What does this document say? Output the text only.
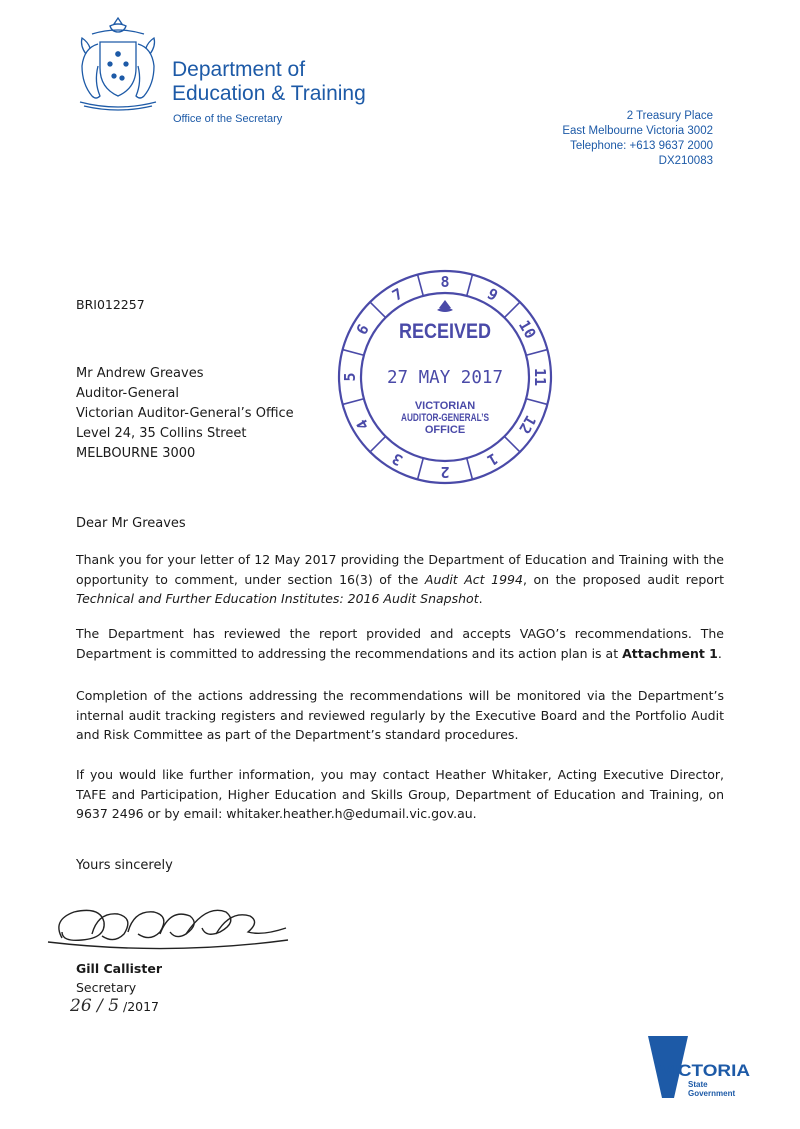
Department of
Education & Training
Office of the Secretary	2 Treasury Place
East Melbourne Victoria 3002
Telephone: +613 9637 2000
DX210083
BRI012257
Mr Andrew Greaves
Auditor-General
Victorian Auditor-General’s Office
Level 24, 35 Collins Street
MELBOURNE 3000
8
9
10
11
12
1
2
3
4
5
6
7
RECEIVED
27 MAY 2017
VICTORIAN
AUDITOR-GENERAL’S
OFFICE
Dear Mr Greaves
Thank you for your letter of 12 May 2017 providing the Department of Education and Training with the opportunity to comment, under section 16(3) of the Audit Act 1994, on the proposed audit report Technical and Further Education Institutes: 2016 Audit Snapshot.
The Department has reviewed the report provided and accepts VAGO’s recommendations. The Department is committed to addressing the recommendations and its action plan is at Attachment 1.
Completion of the actions addressing the recommendations will be monitored via the Department’s internal audit tracking registers and reviewed regularly by the Executive Board and the Portfolio Audit and Risk Committee as part of the Department’s standard procedures.
If you would like further information, you may contact Heather Whitaker, Acting Executive Director, TAFE and Participation, Higher Education and Skills Group, Department of Education and Training, on 9637 2496 or by email: whitaker.heather.h@edumail.vic.gov.au.
Yours sincerely
Gill Callister
Secretary
26 / 5 /2017
VICTORIA
State
Government
